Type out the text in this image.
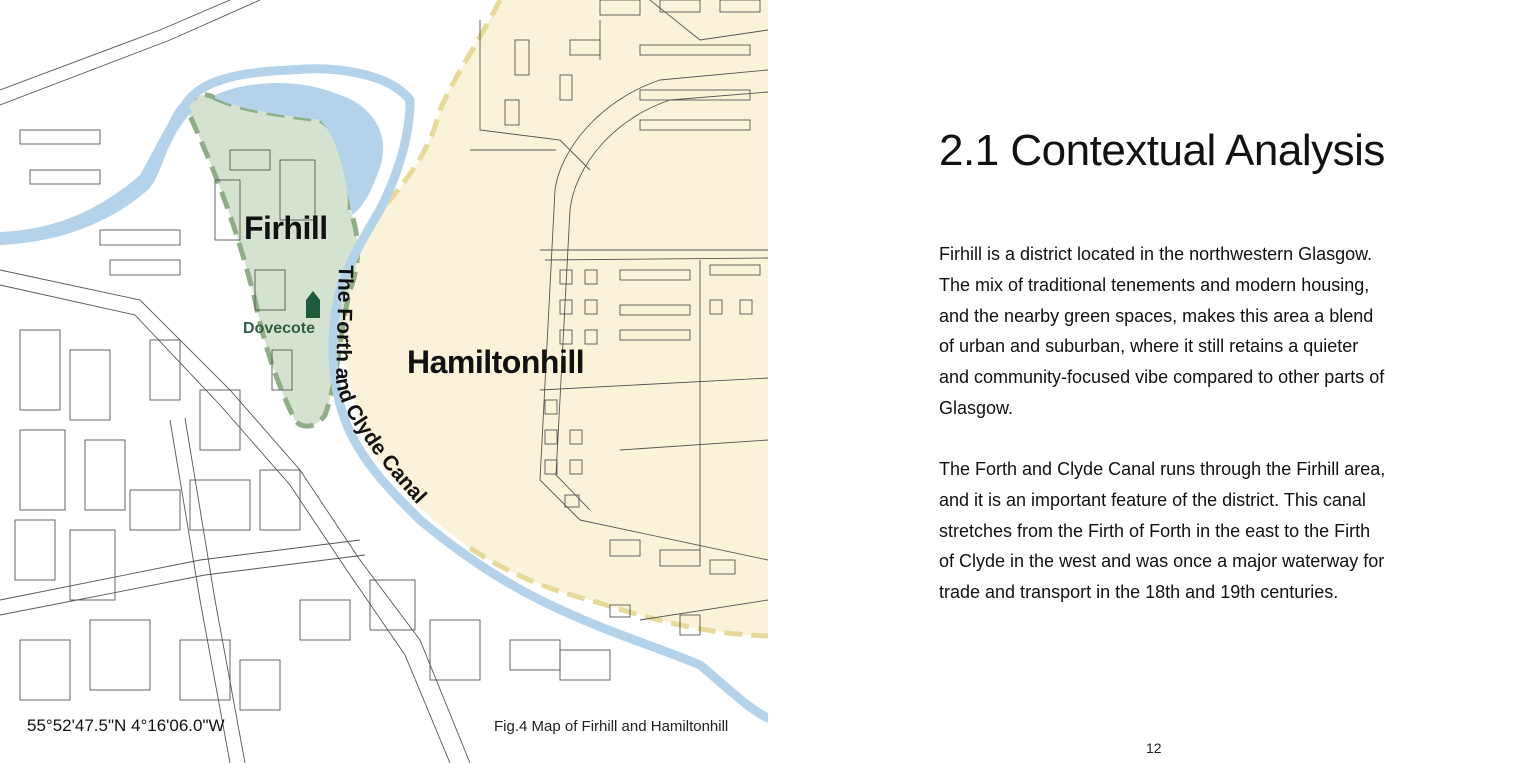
The Forth and Clyde Canal
Firhill
Hamiltonhill
Dovecote
55°52'47.5"N 4°16'06.0"W	Fig.4 Map of Firhill and Hamiltonhill
2.1 Contextual Analysis

Firhill is a district located in the northwestern Glasgow. The mix of traditional tenements and modern housing, and the nearby green spaces, makes this area a blend of urban and suburban, where it still retains a quieter and community-focused vibe compared to other parts of Glasgow.

The Forth and Clyde Canal runs through the Firhill area, and it is an important feature of the district. This canal stretches from the Firth of Forth in the east to the Firth of Clyde in the west and was once a major waterway for trade and transport in the 18th and 19th centuries.

12
